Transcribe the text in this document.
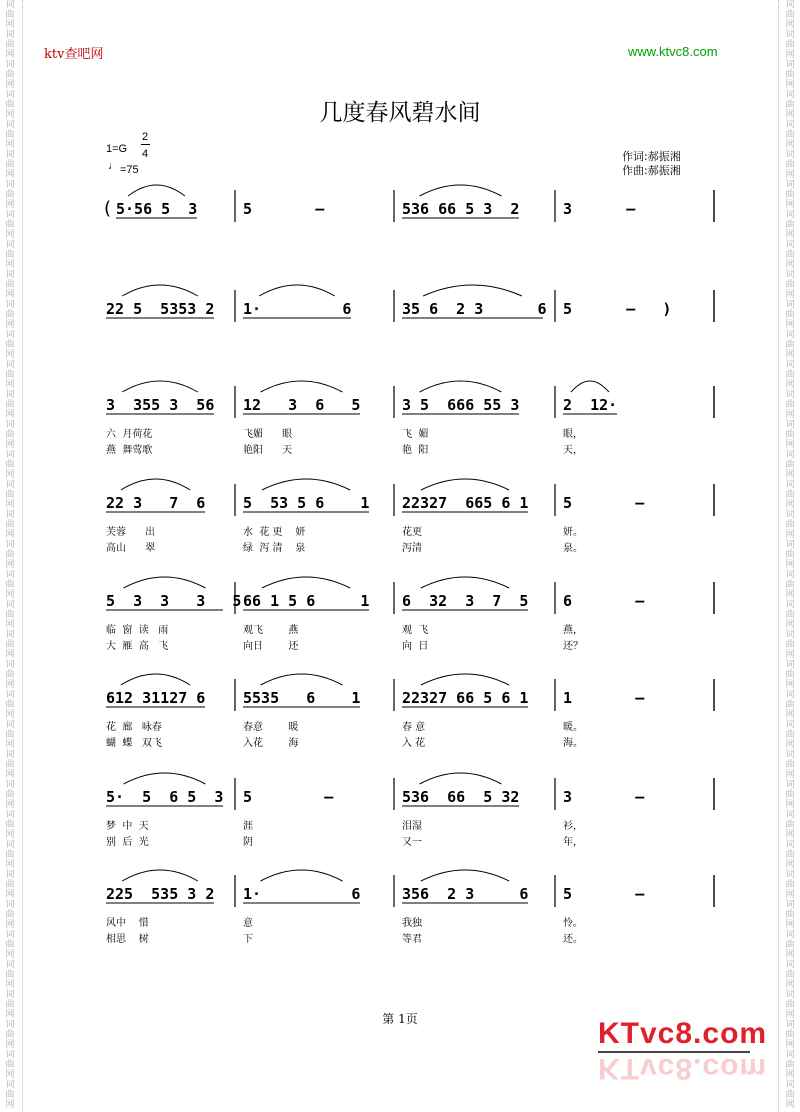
词
曲
网
词
曲
网
词
曲
网
词
曲
网
词
曲
网
词
曲
网
词
曲
网
词
曲
网
词
曲
网
词
曲
网
词
曲
网
词
曲
网
词
曲
网
词
曲
网
词
曲
网
词
曲
网
词
曲
网
词
曲
网
词
曲
网
词
曲
网
词
曲
网
词
曲
网
词
曲
网
词
曲
网
词
曲
网
词
曲
网
词
曲
网
词
曲
网
词
曲
网
词
曲
网
词
曲
网
词
曲
网
词
曲
网
词
曲
网
词
曲
网
词
曲
网
词
曲
网
词
曲
网
词
曲
网
词
曲
网
词
曲
网
词
曲
网
词
曲
网
词
曲
网
词
曲
网
词
曲
网
词
曲
网
词
曲
网
词
曲
网
词
曲
网
词
曲
网
词
曲
网
词
曲
网
词
曲
网
词
曲
网
词
曲
网
词
曲
网
词
曲
网
词
曲
网
词
曲
网
词
曲
网
词
曲
网
词
曲
网
词
曲
网
词
曲
网
词
曲
网
词
曲
网
词
曲
网
词
曲
网
词
曲
网
词
曲
网
词
曲
网
词
曲
网
词
曲
网
ktv查吧网	www.ktvc8.com
几度春风碧水间
1=G
2
4
♩ =75
作词:郝振湘
作曲:郝振湘
( 5·56 5  3	5       –	536 66 5 3  2	3      –
22 5  5353 2 1·         6	35 6  2 3      6 5      –   )
3  355 3  56 12   3  6   5	3 5  666 55 3	2  12·
六  月荷花	飞媚      眼	飞  媚	眼，
燕  舞莺歌	艳阳      天	艳  阳	天，
22 3   7  6	5  53 5 6    1 22327  665 6 1 5       –
芙蓉      出	水  花 更    妍	花更	妍。
高山      翠	绿  泻 清    泉	泻清	泉。
5  3  3   3   5 66 1 5 6     1 6  32  3  7  5 6       –
临  窗  读   雨	观飞        燕	观  飞	燕，
大  雁  高   飞	向日        还	向  日	还？
612 31127 6	5535   6    1	22327 66 5 6 1 1       –
花  廊   咏春	春意        暖	春 意	暖。
蝴  蝶   双飞	入花        海	入 花	海。
5·  5  6 5  3 5        –	536  66  5 32	3       –
梦  中  天	涯	泪湿	衫，
别  后  光	阴	又一	年，
225  535 3 2 1·          6	356  2 3     6 5       –
风中    惜	意	我独	怜。
相思    树	下	等君	还。
第 1页	KTvc8.com
KTvc8.com
